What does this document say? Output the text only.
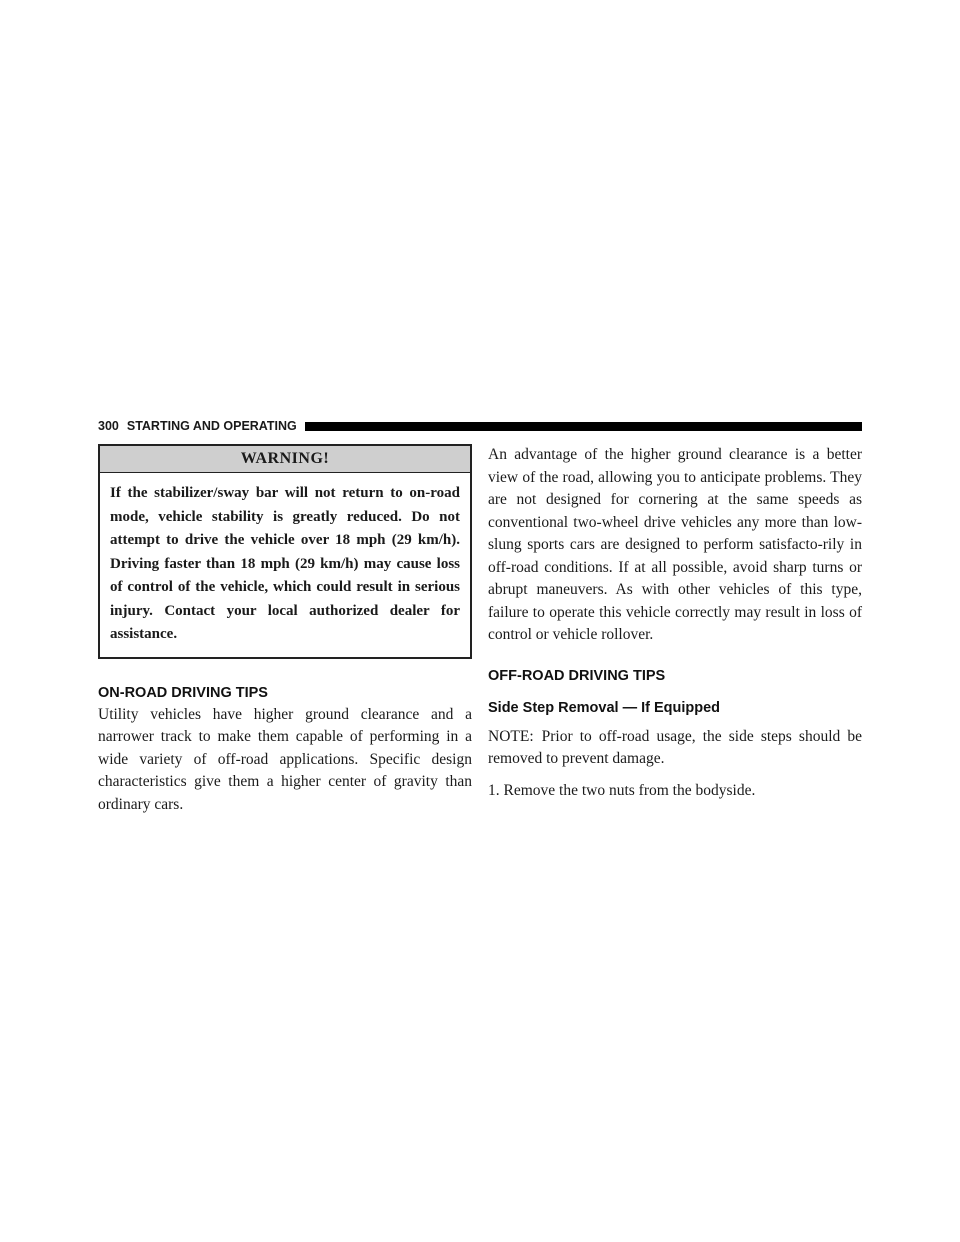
300 STARTING AND OPERATING
WARNING!
If the stabilizer/sway bar will not return to on-road mode, vehicle stability is greatly reduced. Do not attempt to drive the vehicle over 18 mph (29 km/h). Driving faster than 18 mph (29 km/h) may cause loss of control of the vehicle, which could result in serious injury. Contact your local authorized dealer for assistance.
ON-ROAD DRIVING TIPS

Utility vehicles have higher ground clearance and a narrower track to make them capable of performing in a wide variety of off-road applications. Specific design characteristics give them a higher center of gravity than ordinary cars.

An advantage of the higher ground clearance is a better view of the road, allowing you to anticipate problems. They are not designed for cornering at the same speeds as conventional two-wheel drive vehicles any more than low-slung sports cars are designed to perform satisfacto-rily in off-road conditions. If at all possible, avoid sharp turns or abrupt maneuvers. As with other vehicles of this type, failure to operate this vehicle correctly may result in loss of control or vehicle rollover.

OFF-ROAD DRIVING TIPS
Side Step Removal — If Equipped

NOTE: Prior to off-road usage, the side steps should be removed to prevent damage.

1. Remove the two nuts from the bodyside.
